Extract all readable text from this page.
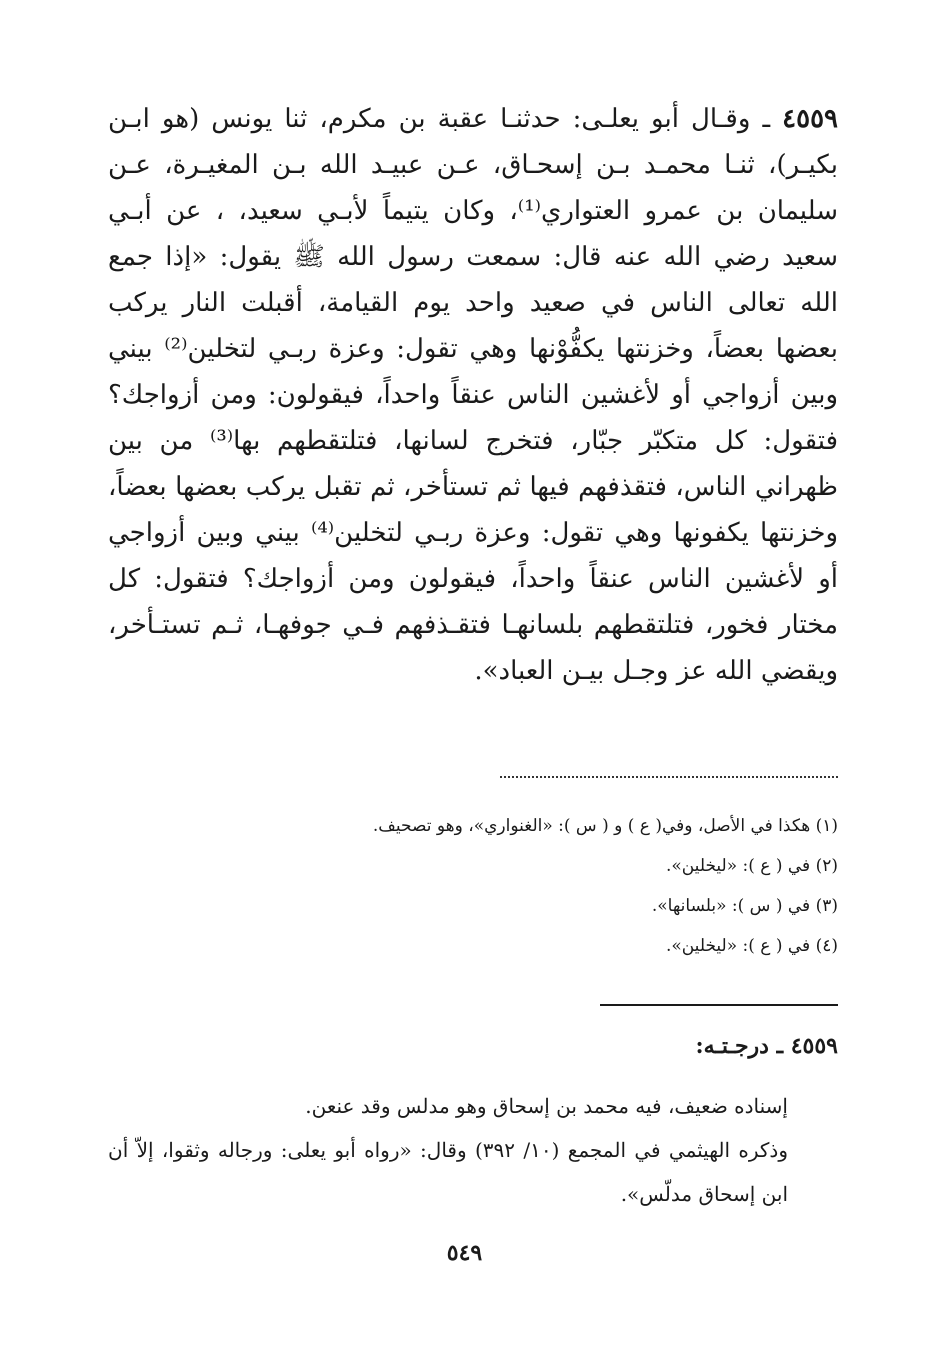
٤٥٥٩ ـ وقـال أبو يعلـى: حدثنـا عقبة بن مكرم، ثنا يونس (هو ابـن بكيـر)، ثنـا محمـد بـن إسحـاق، عـن عبيـد الله بـن المغيـرة، عـن سليمان بن عمرو العتواري⁽¹⁾، وكان يتيماً لأبـي سعيد، ، عن أبـي سعيد رضي الله عنه قال: سمعت رسول الله ﷺ يقول: «إذا جمع الله تعالى الناس في صعيد واحد يوم القيامة، أقبلت النار يركب بعضها بعضاً، وخزنتها يكفُّوْنها وهي تقول: وعزة ربـي لتخلين⁽²⁾ بيني وبين أزواجي أو لأغشين الناس عنقاً واحداً، فيقولون: ومن أزواجك؟ فتقول: كل متكبّر جبّار، فتخرج لسانها، فتلتقطهم بها⁽³⁾ من بين ظهراني الناس، فتقذفهم فيها ثم تستأخر، ثم تقبل يركب بعضها بعضاً، وخزنتها يكفونها وهي تقول: وعزة ربـي لتخلين⁽⁴⁾ بيني وبين أزواجي أو لأغشين الناس عنقاً واحداً، فيقولون ومن أزواجك؟ فتقول: كل مختار فخور، فتلتقطهم بلسانهـا فتقـذفهم فـي جوفهـا، ثـم تستـأخر، ويقضي الله عز وجـل بيـن العباد».
(١) هكذا في الأصل، وفي( ع ) و ( س ): «الغنواري»، وهو تصحيف.
(٢) في ( ع ): «ليخلين».
(٣) في ( س ): «بلسانها».
(٤) في ( ع ): «ليخلين».
٤٥٥٩ ـ درجـتـه:
إسناده ضعيف، فيه محمد بن إسحاق وهو مدلس وقد عنعن.
وذكره الهيثمي في المجمع (١٠/ ٣٩٢) وقال: «رواه أبو يعلى: ورجاله وثقوا، إلاّ أن ابن إسحاق مدلّس».
٥٤٩
